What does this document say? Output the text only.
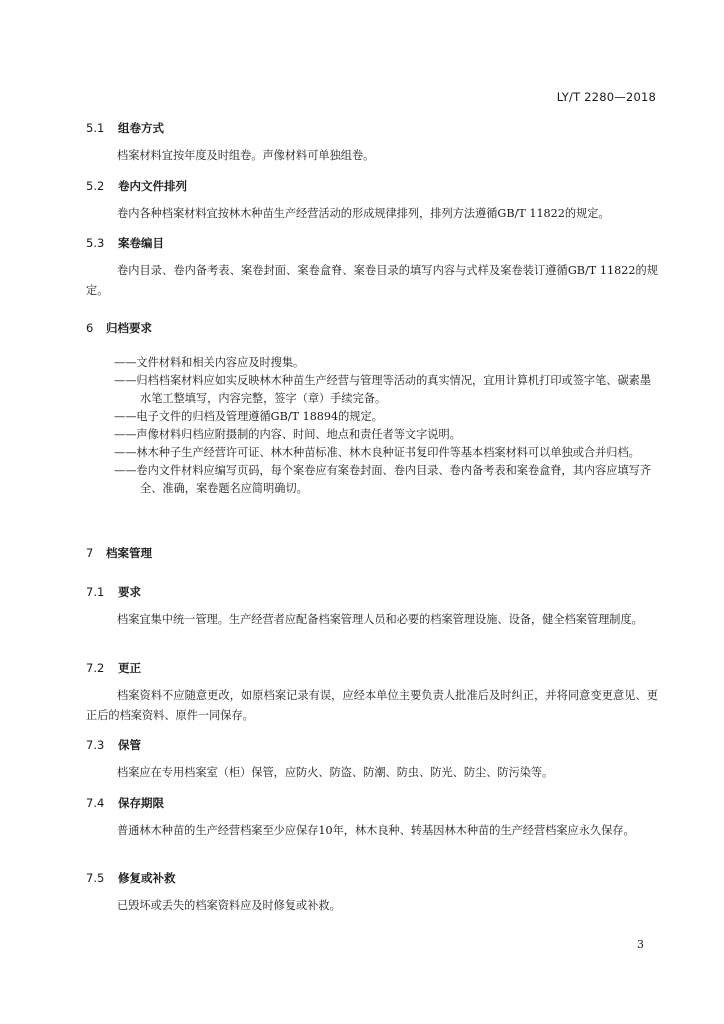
LY/T 2280—2018
5.1 组卷方式
档案材料宜按年度及时组卷。声像材料可单独组卷。
5.2 卷内文件排列
卷内各种档案材料宜按林木种苗生产经营活动的形成规律排列，排列方法遵循GB/T 11822的规定。
5.3 案卷编目
卷内目录、卷内备考表、案卷封面、案卷盒脊、案卷目录的填写内容与式样及案卷装订遵循GB/T 11822的规定。
6 归档要求
——文件材料和相关内容应及时搜集。
——归档档案材料应如实反映林木种苗生产经营与管理等活动的真实情况，宜用计算机打印或签字笔、碳素墨水笔工整填写，内容完整，签字（章）手续完备。
——电子文件的归档及管理遵循GB/T 18894的规定。
——声像材料归档应附摄制的内容、时间、地点和责任者等文字说明。
——林木种子生产经营许可证、林木种苗标准、林木良种证书复印件等基本档案材料可以单独或合并归档。
——卷内文件材料应编写页码，每个案卷应有案卷封面、卷内目录、卷内备考表和案卷盒脊，其内容应填写齐全、准确，案卷题名应简明确切。
7 档案管理
7.1 要求
档案宜集中统一管理。生产经营者应配备档案管理人员和必要的档案管理设施、设备，健全档案管理制度。
7.2 更正
档案资料不应随意更改，如原档案记录有误，应经本单位主要负责人批准后及时纠正，并将同意变更意见、更正后的档案资料、原件一同保存。
7.3 保管
档案应在专用档案室（柜）保管，应防火、防盗、防潮、防虫、防光、防尘、防污染等。
7.4 保存期限
普通林木种苗的生产经营档案至少应保存10年，林木良种、转基因林木种苗的生产经营档案应永久保存。
7.5 修复或补救
已毁坏或丢失的档案资料应及时修复或补救。
3
